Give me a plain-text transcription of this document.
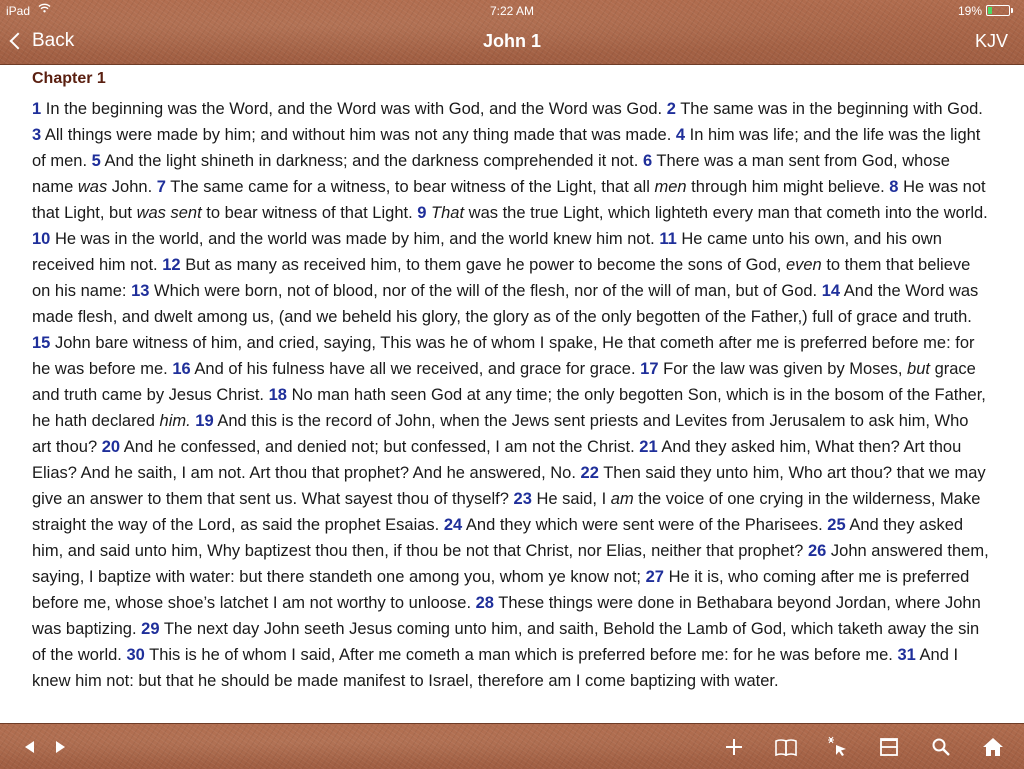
iPad	7:22 AM	19%
Back	John 1	KJV
Chapter 1

1 In the beginning was the Word, and the Word was with God, and the Word was God. 2 The same was in the beginning with God. 3 All things were made by him; and without him was not any thing made that was made. 4 In him was life; and the life was the light of men. 5 And the light shineth in darkness; and the darkness comprehended it not. 6 There was a man sent from God, whose name was John. 7 The same came for a witness, to bear witness of the Light, that all men through him might believe. 8 He was not that Light, but was sent to bear witness of that Light. 9 That was the true Light, which lighteth every man that cometh into the world. 10 He was in the world, and the world was made by him, and the world knew him not. 11 He came unto his own, and his own received him not. 12 But as many as received him, to them gave he power to become the sons of God, even to them that believe on his name: 13 Which were born, not of blood, nor of the will of the flesh, nor of the will of man, but of God. 14 And the Word was made flesh, and dwelt among us, (and we beheld his glory, the glory as of the only begotten of the Father,) full of grace and truth. 15 John bare witness of him, and cried, saying, This was he of whom I spake, He that cometh after me is preferred before me: for he was before me. 16 And of his fulness have all we received, and grace for grace. 17 For the law was given by Moses, but grace and truth came by Jesus Christ. 18 No man hath seen God at any time; the only begotten Son, which is in the bosom of the Father, he hath declared him. 19 And this is the record of John, when the Jews sent priests and Levites from Jerusalem to ask him, Who art thou? 20 And he confessed, and denied not; but confessed, I am not the Christ. 21 And they asked him, What then? Art thou Elias? And he saith, I am not. Art thou that prophet? And he answered, No. 22 Then said they unto him, Who art thou? that we may give an answer to them that sent us. What sayest thou of thyself? 23 He said, I am the voice of one crying in the wilderness, Make straight the way of the Lord, as said the prophet Esaias. 24 And they which were sent were of the Pharisees. 25 And they asked him, and said unto him, Why baptizest thou then, if thou be not that Christ, nor Elias, neither that prophet? 26 John answered them, saying, I baptize with water: but there standeth one among you, whom ye know not; 27 He it is, who coming after me is preferred before me, whose shoe’s latchet I am not worthy to unloose. 28 These things were done in Bethabara beyond Jordan, where John was baptizing. 29 The next day John seeth Jesus coming unto him, and saith, Behold the Lamb of God, which taketh away the sin of the world. 30 This is he of whom I said, After me cometh a man which is preferred before me: for he was before me. 31 And I knew him not: but that he should be made manifest to Israel, therefore am I come baptizing with water.
